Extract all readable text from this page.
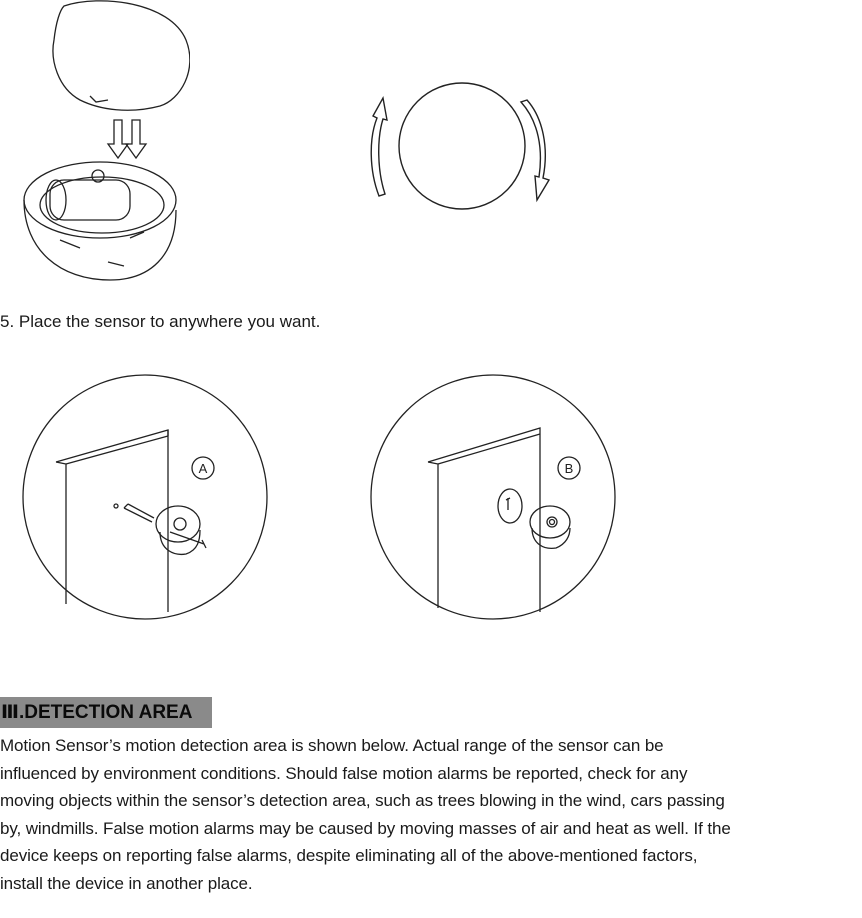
5. Place the sensor to anywhere you want.
A	B
Ⅲ.DETECTION AREA
Motion Sensor’s motion detection area is shown below. Actual range of the sensor can be
influenced by environment conditions. Should false motion alarms be reported, check for any
moving objects within the sensor’s detection area, such as trees blowing in the wind, cars passing
by, windmills. False motion alarms may be caused by moving masses of air and heat as well. If the
device keeps on reporting false alarms, despite eliminating all of the above-mentioned factors,
install the device in another place.
